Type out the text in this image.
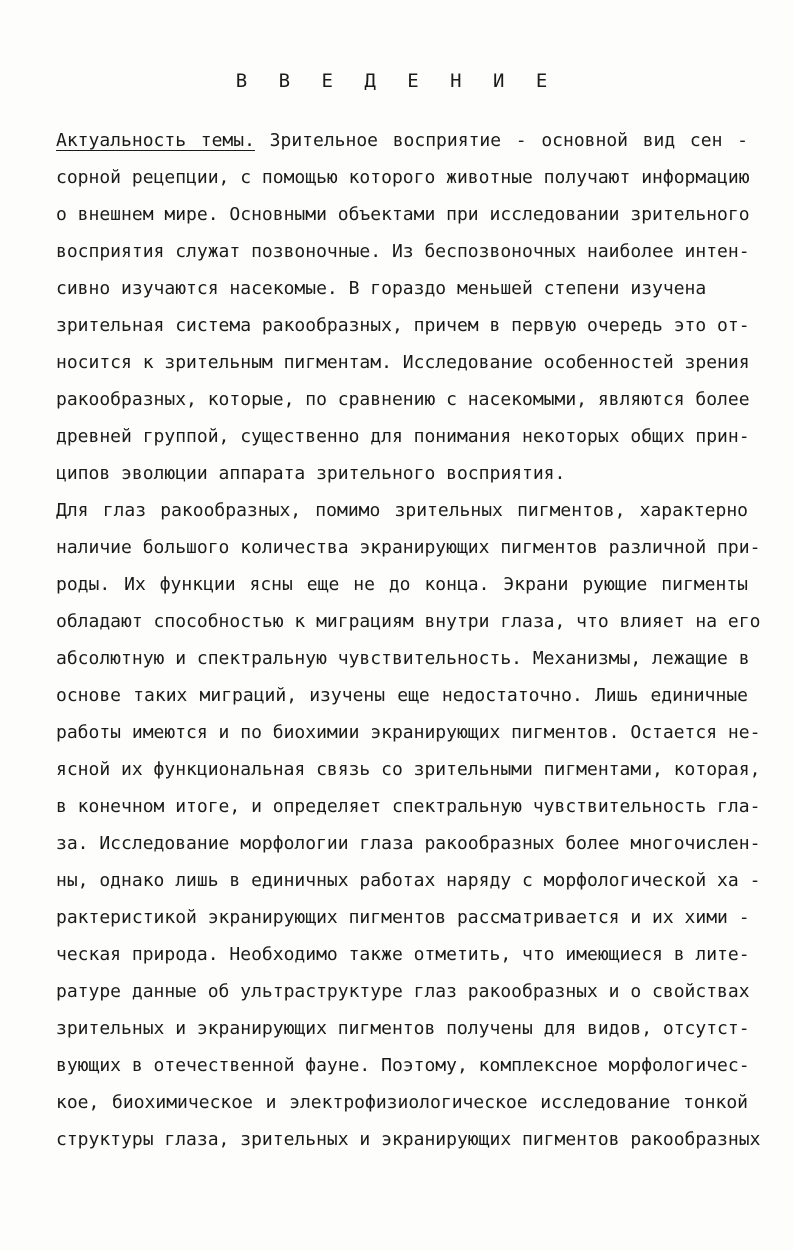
В В Е Д Е Н И Е
Актуальность темы. Зрительное восприятие - основной вид сен -
сорной рецепции, с помощью которого животные получают информацию
о внешнем мире. Основными объектами при исследовании зрительного
восприятия служат позвоночные. Из беспозвоночных наиболее интен-
сивно изучаются насекомые. В гораздо меньшей степени изучена
зрительная система ракообразных, причем в первую очередь это от-
носится к зрительным пигментам. Исследование особенностей зрения
ракообразных, которые, по сравнению с насекомыми, являются более
древней группой, существенно для понимания некоторых общих прин-
ципов эволюции аппарата зрительного восприятия.
Для глаз ракообразных, помимо зрительных пигментов, характерно
наличие большого количества экранирующих пигментов различной при-
роды. Их функции ясны еще не до конца. Экрани рующие пигменты
обладают способностью к миграциям внутри глаза, что влияет на его
абсолютную и спектральную чувствительность. Механизмы, лежащие в
основе таких миграций, изучены еще недостаточно. Лишь единичные
работы имеются и по биохимии экранирующих пигментов. Остается не-
ясной их функциональная связь со зрительными пигментами, которая,
в конечном итоге, и определяет спектральную чувствительность гла-
за. Исследование морфологии глаза ракообразных более многочислен-
ны, однако лишь в единичных работах наряду с морфологической ха -
рактеристикой экранирующих пигментов рассматривается и их хими -
ческая природа. Необходимо также отметить, что имеющиеся в лите-
ратуре данные об ультраструктуре глаз ракообразных и о свойствах
зрительных и экранирующих пигментов получены для видов, отсутст-
вующих в отечественной фауне. Поэтому, комплексное морфологичес-
кое, биохимическое и электрофизиологическое исследование тонкой
структуры глаза, зрительных и экранирующих пигментов ракообразных
